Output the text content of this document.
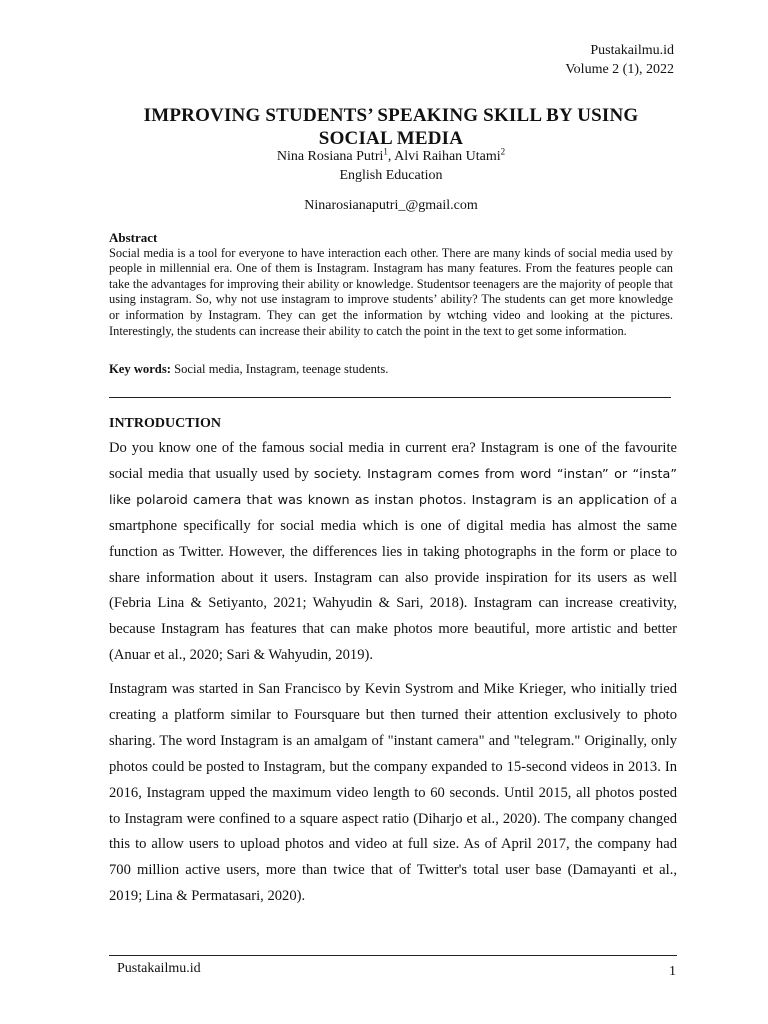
Pustakailmu.id
Volume 2 (1), 2022
IMPROVING STUDENTS’ SPEAKING SKILL BY USING
SOCIAL MEDIA
Nina Rosiana Putri$^1$, Alvi Raihan Utami$^2$
English Education
Ninarosianaputri_@gmail.com
Abstract
Social media is a tool for everyone to have interaction each other. There are many kinds of social media used by people in millennial era. One of them is Instagram. Instagram has many features. From the features people can take the advantages for improving their ability or knowledge. Studentsor teenagers are the majority of people that using instagram. So, why not use instagram to improve students’ ability? The students can get more knowledge or information by Instagram. They can get the information by wtching video and looking at the pictures. Interestingly, the students can increase their ability to catch the point in the text to get some information.
Key words: Social media, Instagram, teenage students.
INTRODUCTION
Do you know one of the famous social media in current era? Instagram is one of the favourite social media that usually used by society. Instagram comes from word “instan” or “insta” like polaroid camera that was known as instan photos. Instagram is an application of a smartphone specifically for social media which is one of digital media has almost the same function as Twitter. However, the differences lies in taking photographs in the form or place to share information about it users. Instagram can also provide inspiration for its users as well (Febria Lina & Setiyanto, 2021; Wahyudin & Sari, 2018). Instagram can increase creativity, because Instagram has features that can make photos more beautiful, more artistic and better (Anuar et al., 2020; Sari & Wahyudin, 2019).
Instagram was started in San Francisco by Kevin Systrom and Mike Krieger, who initially tried creating a platform similar to Foursquare but then turned their attention exclusively to photo sharing. The word Instagram is an amalgam of "instant camera" and "telegram." Originally, only photos could be posted to Instagram, but the company expanded to 15-second videos in 2013. In 2016, Instagram upped the maximum video length to 60 seconds. Until 2015, all photos posted to Instagram were confined to a square aspect ratio (Diharjo et al., 2020). The company changed this to allow users to upload photos and video at full size. As of April 2017, the company had 700 million active users, more than twice that of Twitter's total user base (Damayanti et al., 2019; Lina & Permatasari, 2020).
Pustakailmu.id	1
